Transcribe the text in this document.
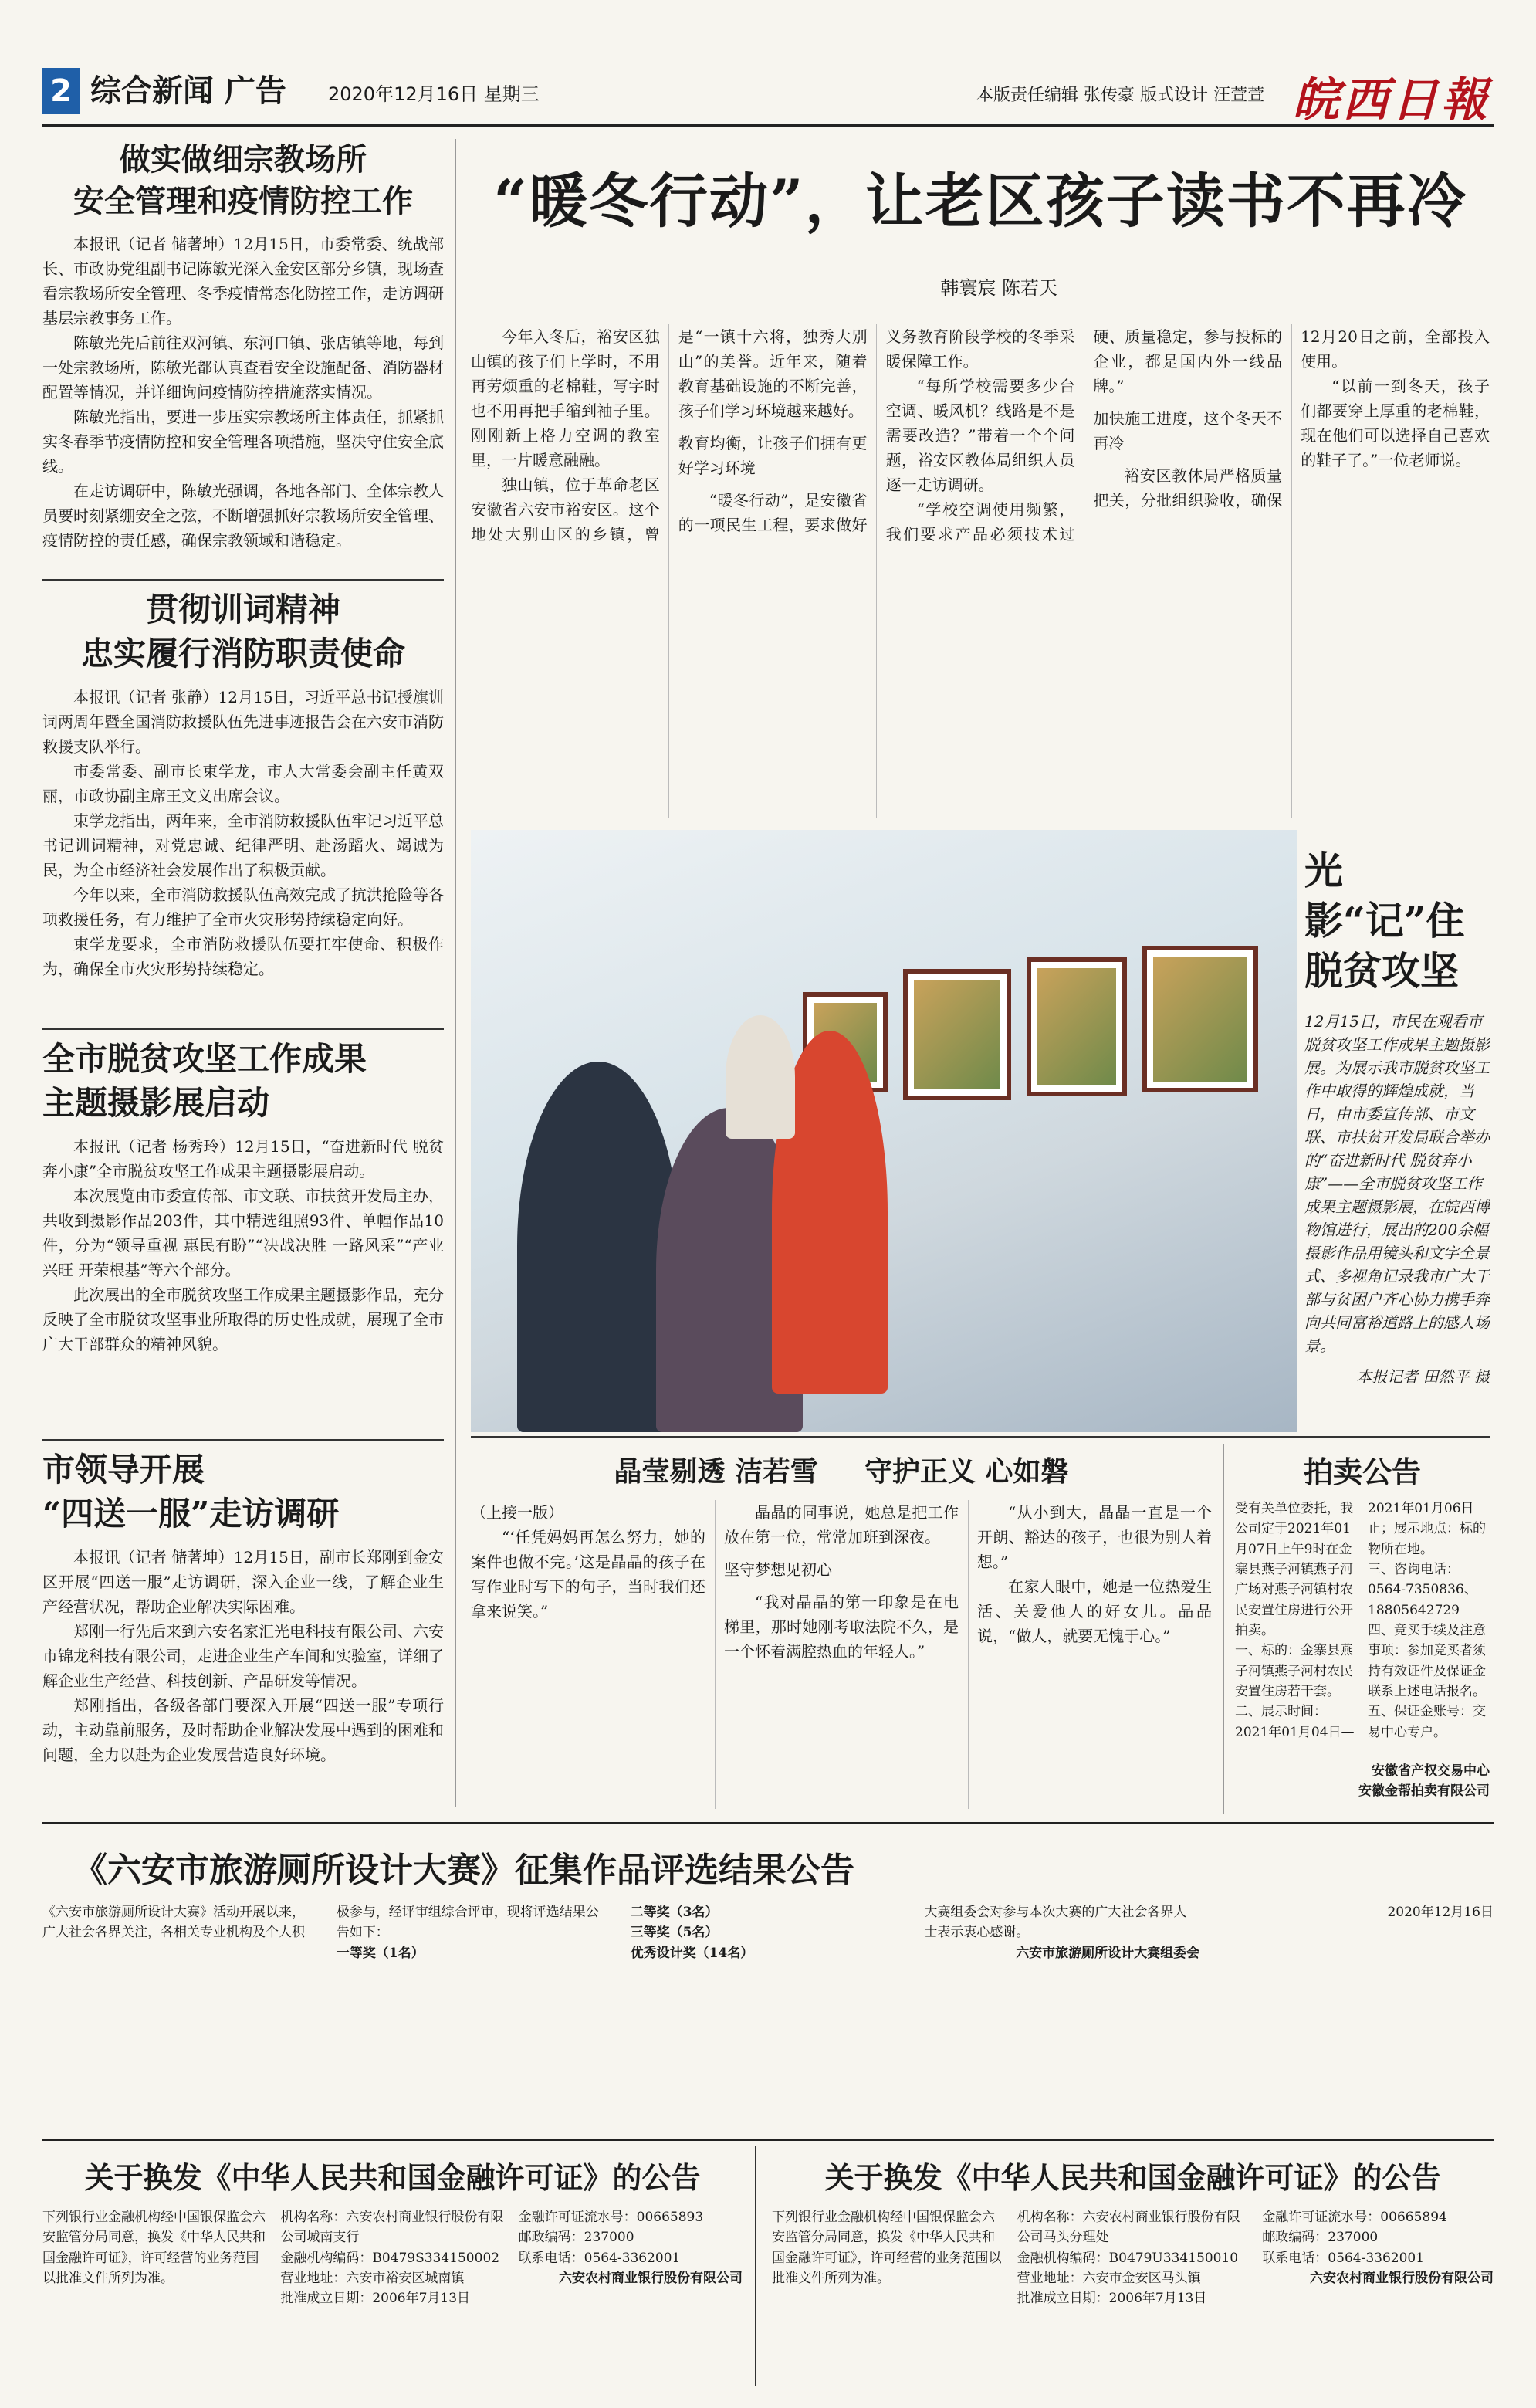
2 综合新闻 广告 2020年12月16日 星期三	本版责任编辑 张传豪 版式设计 汪萱萱 皖西日報
做实做细宗教场所
安全管理和疫情防控工作

本报讯（记者 储著坤）12月15日，市委常委、统战部长、市政协党组副书记陈敏光深入金安区部分乡镇，现场查看宗教场所安全管理、冬季疫情常态化防控工作，走访调研基层宗教事务工作。

陈敏光先后前往双河镇、东河口镇、张店镇等地，每到一处宗教场所，陈敏光都认真查看安全设施配备、消防器材配置等情况，并详细询问疫情防控措施落实情况。

陈敏光指出，要进一步压实宗教场所主体责任，抓紧抓实冬春季节疫情防控和安全管理各项措施，坚决守住安全底线。

在走访调研中，陈敏光强调，各地各部门、全体宗教人员要时刻紧绷安全之弦，不断增强抓好宗教场所安全管理、疫情防控的责任感，确保宗教领域和谐稳定。

贯彻训词精神
忠实履行消防职责使命

本报讯（记者 张静）12月15日，习近平总书记授旗训词两周年暨全国消防救援队伍先进事迹报告会在六安市消防救援支队举行。

市委常委、副市长束学龙，市人大常委会副主任黄双丽，市政协副主席王文义出席会议。

束学龙指出，两年来，全市消防救援队伍牢记习近平总书记训词精神，对党忠诚、纪律严明、赴汤蹈火、竭诚为民，为全市经济社会发展作出了积极贡献。

今年以来，全市消防救援队伍高效完成了抗洪抢险等各项救援任务，有力维护了全市火灾形势持续稳定向好。

束学龙要求，全市消防救援队伍要扛牢使命、积极作为，确保全市火灾形势持续稳定。

全市脱贫攻坚工作成果
主题摄影展启动

本报讯（记者 杨秀玲）12月15日，“奋进新时代 脱贫奔小康”全市脱贫攻坚工作成果主题摄影展启动。

本次展览由市委宣传部、市文联、市扶贫开发局主办，共收到摄影作品203件，其中精选组照93件、单幅作品10件，分为“领导重视 惠民有盼”“决战决胜 一路风采”“产业兴旺 开荣根基”等六个部分。

此次展出的全市脱贫攻坚工作成果主题摄影作品，充分反映了全市脱贫攻坚事业所取得的历史性成就，展现了全市广大干部群众的精神风貌。

市领导开展
“四送一服”走访调研

本报讯（记者 储著坤）12月15日，副市长郑刚到金安区开展“四送一服”走访调研，深入企业一线，了解企业生产经营状况，帮助企业解决实际困难。

郑刚一行先后来到六安名家汇光电科技有限公司、六安市锦龙科技有限公司，走进企业生产车间和实验室，详细了解企业生产经营、科技创新、产品研发等情况。

郑刚指出，各级各部门要深入开展“四送一服”专项行动，主动靠前服务，及时帮助企业解决发展中遇到的困难和问题，全力以赴为企业发展营造良好环境。

“暖冬行动”，让老区孩子读书不再冷
韩寰宸 陈若天

今年入冬后，裕安区独山镇的孩子们上学时，不用再劳烦重的老棉鞋，写字时也不用再把手缩到袖子里。刚刚新上格力空调的教室里，一片暖意融融。

独山镇，位于革命老区安徽省六安市裕安区。这个地处大别山区的乡镇，曾是“一镇十六将，独秀大别山”的美誉。近年来，随着教育基础设施的不断完善，孩子们学习环境越来越好。

教育均衡，让孩子们拥有更好学习环境

“暖冬行动”，是安徽省的一项民生工程，要求做好义务教育阶段学校的冬季采暖保障工作。

“每所学校需要多少台空调、暖风机？线路是不是需要改造？”带着一个个问题，裕安区教体局组织人员逐一走访调研。

“学校空调使用频繁，我们要求产品必须技术过硬、质量稳定，参与投标的企业，都是国内外一线品牌。”

加快施工进度，这个冬天不再冷

裕安区教体局严格质量把关，分批组织验收，确保12月20日之前，全部投入使用。

“以前一到冬天，孩子们都要穿上厚重的老棉鞋，现在他们可以选择自己喜欢的鞋子了。”一位老师说。

光影“记”住脱贫攻坚

12月15日，市民在观看市脱贫攻坚工作成果主题摄影展。为展示我市脱贫攻坚工作中取得的辉煌成就，当日，由市委宣传部、市文联、市扶贫开发局联合举办的“奋进新时代 脱贫奔小康”——全市脱贫攻坚工作成果主题摄影展，在皖西博物馆进行，展出的200余幅摄影作品用镜头和文字全景式、多视角记录我市广大干部与贫困户齐心协力携手奔向共同富裕道路上的感人场景。

本报记者 田然平 摄

晶莹剔透 洁若雪 守护正义 心如磐

（上接一版）

“‘任凭妈妈再怎么努力，她的案件也做不完。’这是晶晶的孩子在写作业时写下的句子，当时我们还拿来说笑。”

晶晶的同事说，她总是把工作放在第一位，常常加班到深夜。

坚守梦想见初心

“我对晶晶的第一印象是在电梯里，那时她刚考取法院不久，是一个怀着满腔热血的年轻人。”

“从小到大，晶晶一直是一个开朗、豁达的孩子，也很为别人着想。”

在家人眼中，她是一位热爱生活、关爱他人的好女儿。晶晶说，“做人，就要无愧于心。”

拍卖公告

受有关单位委托，我公司定于2021年01月07日上午9时在金寨县燕子河镇燕子河广场对燕子河镇村农民安置住房进行公开拍卖。

一、标的：金寨县燕子河镇燕子河村农民安置住房若干套。

二、展示时间：2021年01月04日—2021年01月06日止；展示地点：标的物所在地。

三、咨询电话：0564-7350836、18805642729

四、竞买手续及注意事项：参加竞买者须持有效证件及保证金联系上述电话报名。

五、保证金账号：交易中心专户。

安徽省产权交易中心

安徽金帮拍卖有限公司

《六安市旅游厕所设计大赛》征集作品评选结果公告

《六安市旅游厕所设计大赛》活动开展以来，广大社会各界关注，各相关专业机构及个人积极参与，经评审组综合评审，现将评选结果公告如下：

一等奖（1名）

二等奖（3名）

三等奖（5名）

优秀设计奖（14名）

大赛组委会对参与本次大赛的广大社会各界人士表示衷心感谢。

六安市旅游厕所设计大赛组委会

2020年12月16日

关于换发《中华人民共和国金融许可证》的公告

下列银行业金融机构经中国银保监会六安监管分局同意，换发《中华人民共和国金融许可证》，许可经营的业务范围以批准文件所列为准。

机构名称：六安农村商业银行股份有限公司城南支行

金融机构编码：B0479S334150002

营业地址：六安市裕安区城南镇

批准成立日期：2006年7月13日

金融许可证流水号：00665893

邮政编码：237000

联系电话：0564-3362001

六安农村商业银行股份有限公司

关于换发《中华人民共和国金融许可证》的公告

下列银行业金融机构经中国银保监会六安监管分局同意，换发《中华人民共和国金融许可证》，许可经营的业务范围以批准文件所列为准。

机构名称：六安农村商业银行股份有限公司马头分理处

金融机构编码：B0479U334150010

营业地址：六安市金安区马头镇

批准成立日期：2006年7月13日

金融许可证流水号：00665894

邮政编码：237000

联系电话：0564-3362001

六安农村商业银行股份有限公司
